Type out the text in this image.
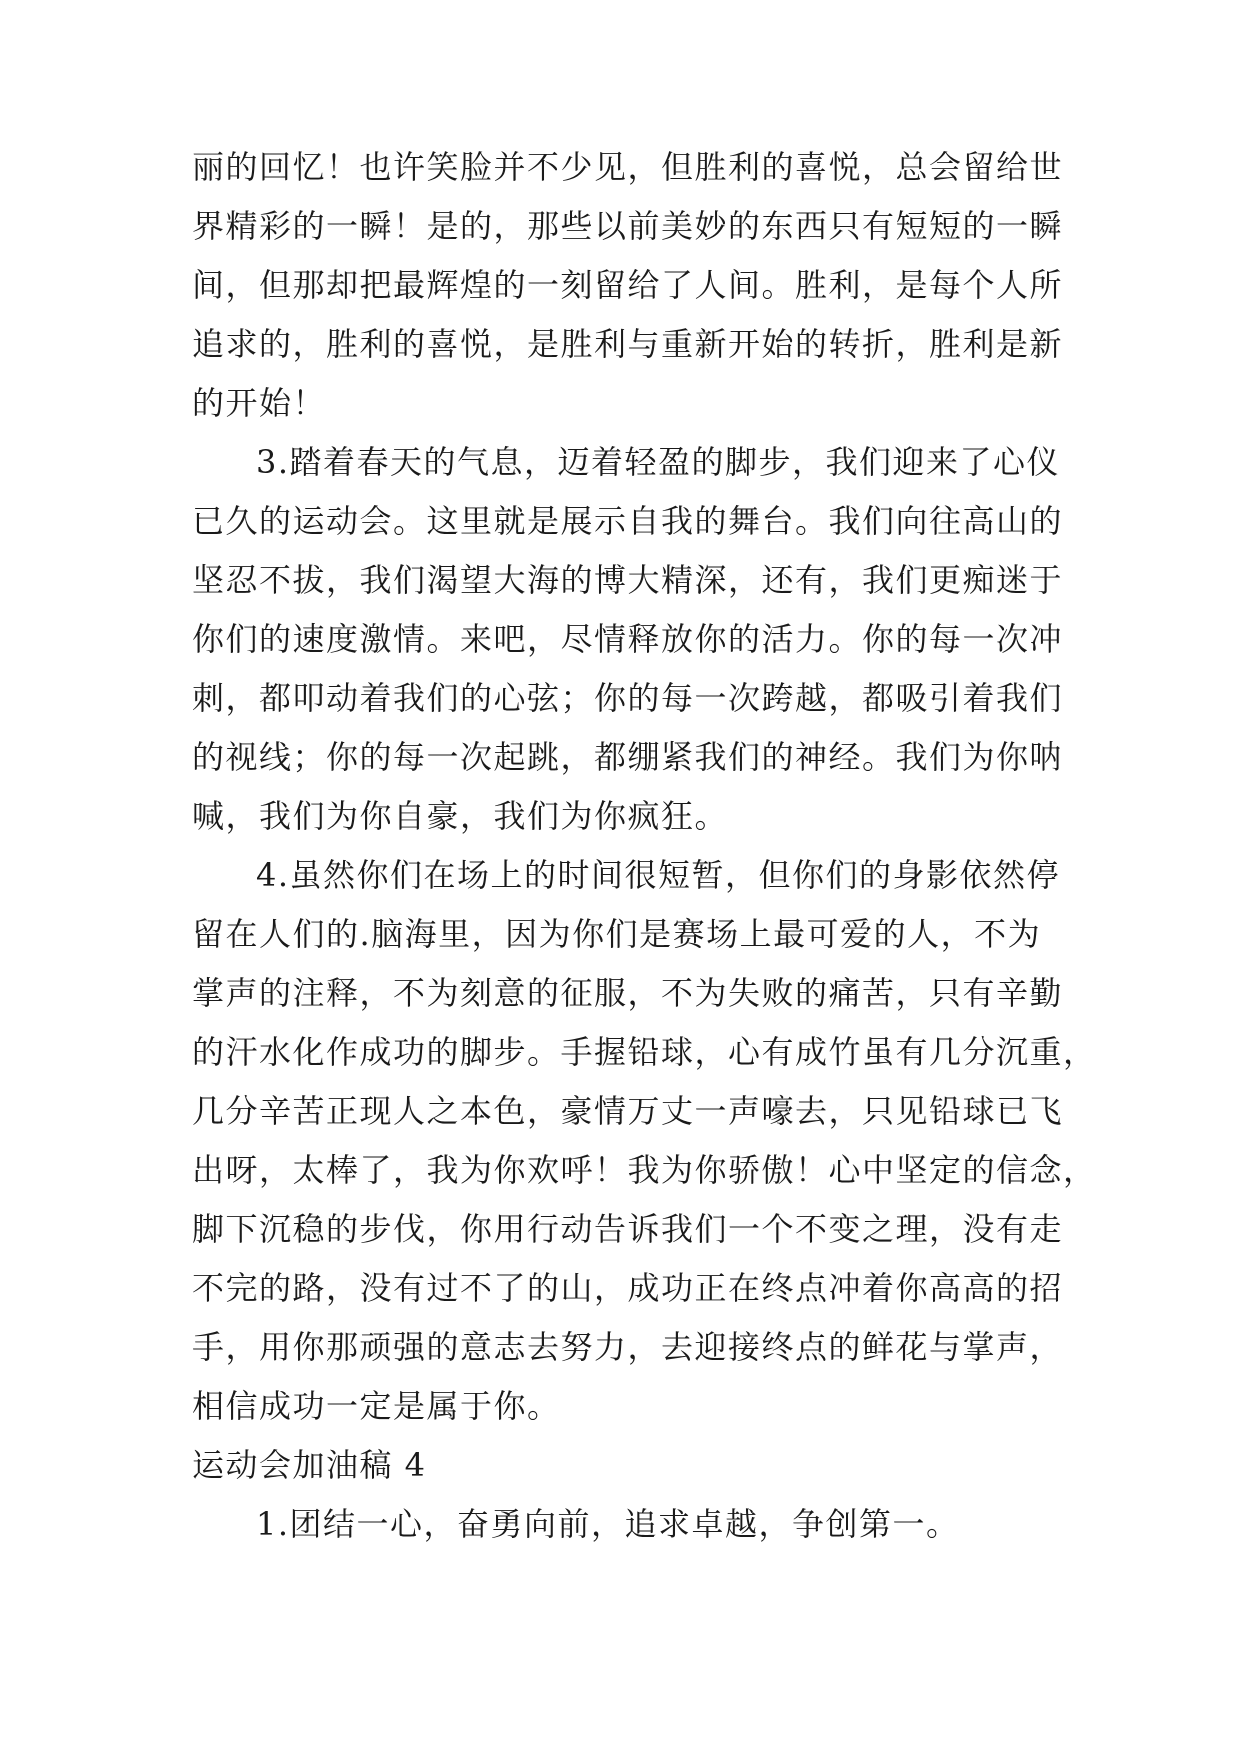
丽的回忆！也许笑脸并不少见，但胜利的喜悦，总会留给世
界精彩的一瞬！是的，那些以前美妙的东西只有短短的一瞬
间，但那却把最辉煌的一刻留给了人间。胜利，是每个人所
追求的，胜利的喜悦，是胜利与重新开始的转折，胜利是新
的开始！
3.踏着春天的气息，迈着轻盈的脚步，我们迎来了心仪
已久的运动会。这里就是展示自我的舞台。我们向往高山的
坚忍不拔，我们渴望大海的博大精深，还有，我们更痴迷于
你们的速度激情。来吧，尽情释放你的活力。你的每一次冲
刺，都叩动着我们的心弦；你的每一次跨越，都吸引着我们
的视线；你的每一次起跳，都绷紧我们的神经。我们为你呐
喊，我们为你自豪，我们为你疯狂。
4.虽然你们在场上的时间很短暂，但你们的身影依然停
留在人们的.脑海里，因为你们是赛场上最可爱的人，不为
掌声的注释，不为刻意的征服，不为失败的痛苦，只有辛勤
的汗水化作成功的脚步。手握铅球，心有成竹虽有几分沉重，
几分辛苦正现人之本色，豪情万丈一声嚎去，只见铅球已飞
出呀，太棒了，我为你欢呼！我为你骄傲！心中坚定的信念，
脚下沉稳的步伐，你用行动告诉我们一个不变之理，没有走
不完的路，没有过不了的山，成功正在终点冲着你高高的招
手，用你那顽强的意志去努力，去迎接终点的鲜花与掌声，
相信成功一定是属于你。
运动会加油稿 4
1.团结一心，奋勇向前，追求卓越，争创第一。
